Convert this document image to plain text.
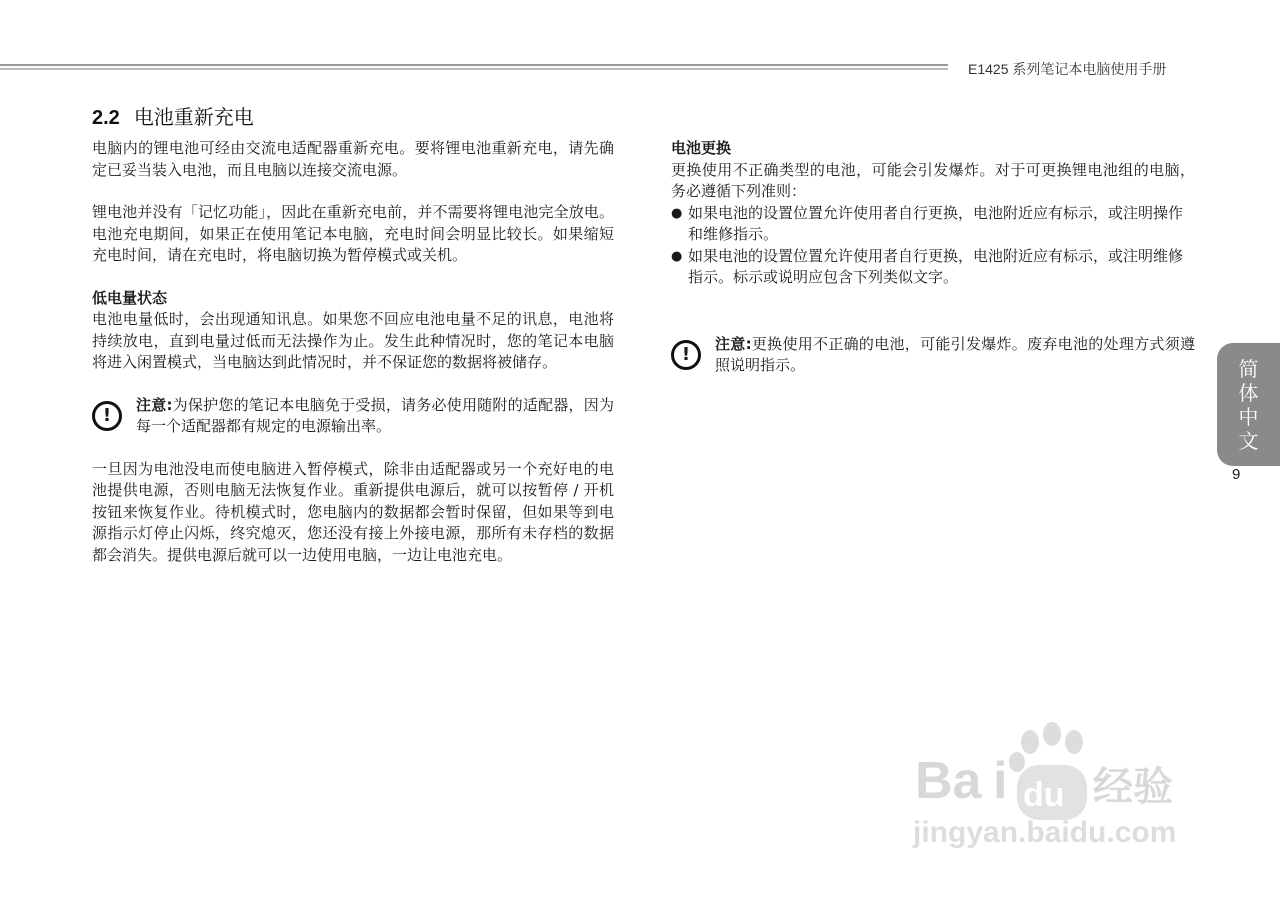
E1425 系列笔记本电脑使用手册
2.2 电池重新充电

电脑内的锂电池可经由交流电适配器重新充电。要将锂电池重新充电，请先确定已妥当装入电池，而且电脑以连接交流电源。

锂电池并没有「记忆功能」，因此在重新充电前，并不需要将锂电池完全放电。电池充电期间，如果正在使用笔记本电脑，充电时间会明显比较长。如果缩短充电时间，请在充电时，将电脑切换为暂停模式或关机。

低电量状态

电池电量低时，会出现通知讯息。如果您不回应电池电量不足的讯息，电池将持续放电，直到电量过低而无法操作为止。发生此种情况时，您的笔记本电脑将进入闲置模式，当电脑达到此情况时，并不保证您的数据将被储存。

!	注意:为保护您的笔记本电脑免于受损，请务必使用随附的适配器，因为每一个适配器都有规定的电源输出率。

一旦因为电池没电而使电脑进入暂停模式，除非由适配器或另一个充好电的电池提供电源，否则电脑无法恢复作业。重新提供电源后，就可以按暂停 / 开机按钮来恢复作业。待机模式时，您电脑内的数据都会暂时保留，但如果等到电源指示灯停止闪烁，终究熄灭，您还没有接上外接电源，那所有未存档的数据都会消失。提供电源后就可以一边使用电脑，一边让电池充电。

电池更换

更换使用不正确类型的电池，可能会引发爆炸。对于可更换锂电池组的电脑，务必遵循下列准则：

● 如果电池的设置位置允许使用者自行更换，电池附近应有标示，或注明操作和维修指示。
● 如果电池的设置位置允许使用者自行更换，电池附近应有标示，或注明维修指示。标示或说明应包含下列类似文字。
!	注意:更换使用不正确的电池，可能引发爆炸。废弃电池的处理方式须遵照说明指示。	简体中文
9
Ba i du 经验
jingyan.baidu.com
